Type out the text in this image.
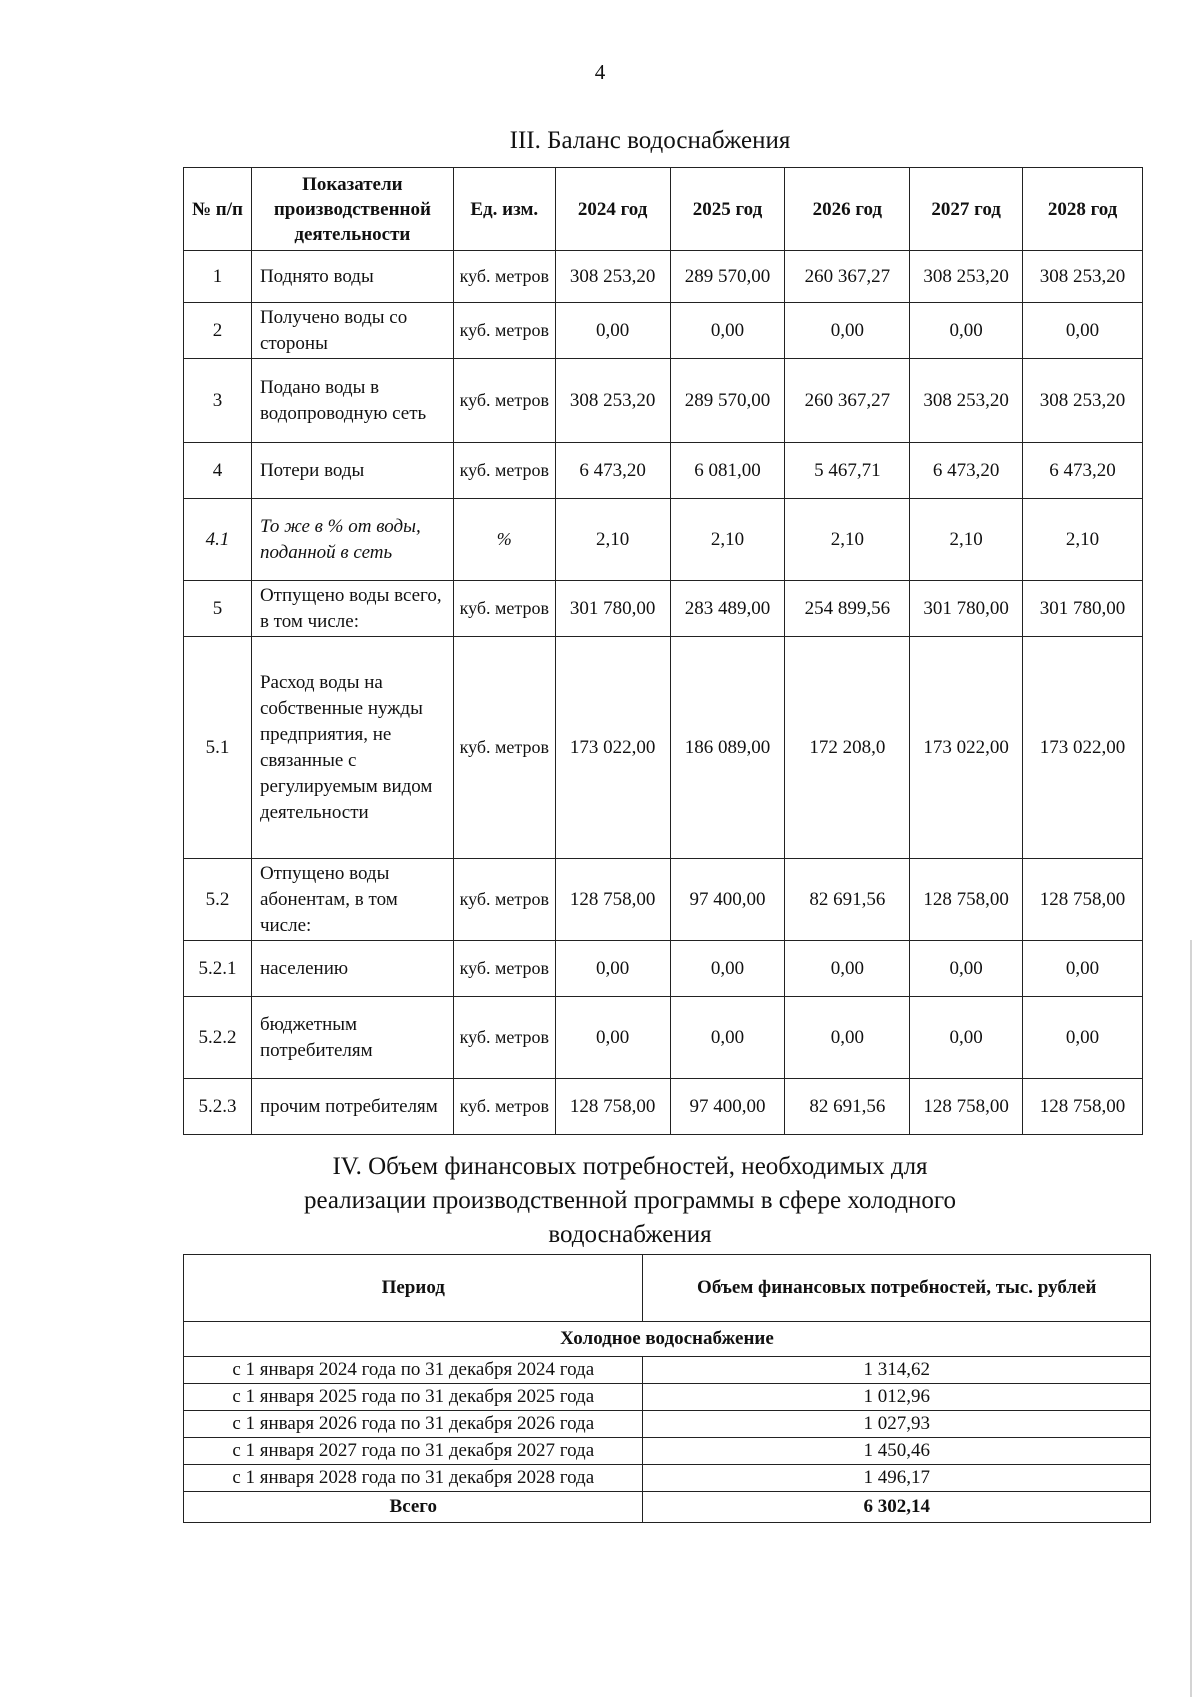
4
III. Баланс водоснабжения
№ п/п	Показатели производственной деятельности	Ед. изм.	2024 год	2025 год	2026 год	2027 год	2028 год
1	Поднято воды	куб. метров	308 253,20	289 570,00	260 367,27	308 253,20	308 253,20
2	Получено воды со стороны	куб. метров	0,00	0,00	0,00	0,00	0,00
3	Подано воды в водопроводную сеть	куб. метров	308 253,20	289 570,00	260 367,27	308 253,20	308 253,20
4	Потери воды	куб. метров	6 473,20	6 081,00	5 467,71	6 473,20	6 473,20
4.1	То же в % от воды, поданной в сеть	%	2,10	2,10	2,10	2,10	2,10
5	Отпущено воды всего, в том числе:	куб. метров	301 780,00	283 489,00	254 899,56	301 780,00	301 780,00
5.1	Расход воды на собственные нужды предприятия, не связанные с регулируемым видом деятельности	куб. метров	173 022,00	186 089,00	172 208,0	173 022,00	173 022,00
5.2	Отпущено воды абонентам, в том числе:	куб. метров	128 758,00	97 400,00	82 691,56	128 758,00	128 758,00
5.2.1	населению	куб. метров	0,00	0,00	0,00	0,00	0,00
5.2.2	бюджетным потребителям	куб. метров	0,00	0,00	0,00	0,00	0,00
5.2.3	прочим потребителям	куб. метров	128 758,00	97 400,00	82 691,56	128 758,00	128 758,00
IV. Объем финансовых потребностей, необходимых для реализации производственной программы в сфере холодного водоснабжения
Период	Объем финансовых потребностей, тыс. рублей
Холодное водоснабжение	
с 1 января 2024 года по 31 декабря 2024 года	1 314,62
с 1 января 2025 года по 31 декабря 2025 года	1 012,96
с 1 января 2026 года по 31 декабря 2026 года	1 027,93
с 1 января 2027 года по 31 декабря 2027 года	1 450,46
с 1 января 2028 года по 31 декабря 2028 года	1 496,17
Всего	6 302,14
